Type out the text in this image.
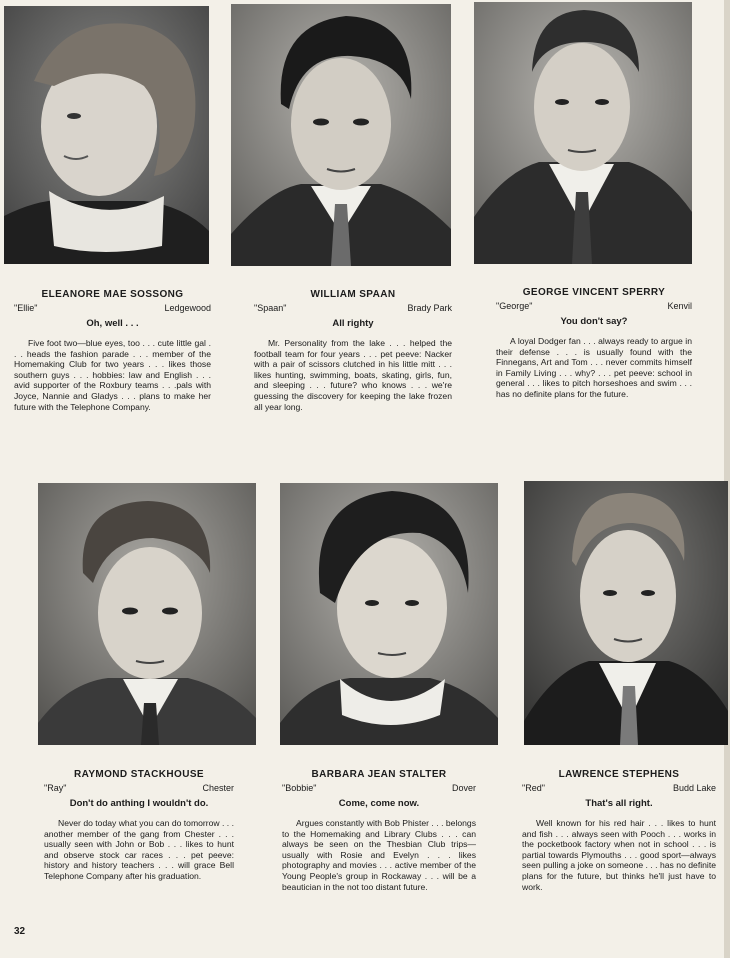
ELEANORE MAE SOSSONG

"Ellie"	Ledgewood
Oh, well . . .
Five foot two—blue eyes, too . . . cute little gal . . . heads the fashion parade . . . member of the Homemaking Club for two years . . . likes those southern guys . . . hobbies: law and English . . . avid supporter of the Roxbury teams . . .pals with Joyce, Nannie and Gladys . . . plans to make her future with the Telephone Company.

WILLIAM SPAAN

"Spaan"	Brady Park
All righty
Mr. Personality from the lake . . . helped the football team for four years . . . pet peeve: Nacker with a pair of scissors clutched in his little mitt . . . likes hunting, swimming, boats, skating, girls, fun, and sleeping . . . future? who knows . . . we're guessing the discovery for keeping the lake frozen all year long.

GEORGE VINCENT SPERRY

"George"	Kenvil
You don't say?
A loyal Dodger fan . . . always ready to argue in their defense . . . is usually found with the Finnegans, Art and Tom . . . never commits himself in Family Living . . . why? . . . pet peeve: school in general . . . likes to pitch horseshoes and swim . . . has no definite plans for the future.

RAYMOND STACKHOUSE

"Ray"	Chester
Don't do anthing I wouldn't do.
Never do today what you can do tomorrow . . . another member of the gang from Chester . . . usually seen with John or Bob . . . likes to hunt and observe stock car races . . . pet peeve: history and history teachers . . . will grace Bell Telephone Company after his graduation.

BARBARA JEAN STALTER

"Bobbie"	Dover
Come, come now.
Argues constantly with Bob Phister . . . belongs to the Homemaking and Library Clubs . . . can always be seen on the Thesbian Club trips—usually with Rosie and Evelyn . . . likes photography and movies . . . active member of the Young People's group in Rockaway . . . will be a beautician in the not too distant future.

LAWRENCE STEPHENS

"Red"	Budd Lake
That's all right.
Well known for his red hair . . . likes to hunt and fish . . . always seen with Pooch . . . works in the pocketbook factory when not in school . . . is partial towards Plymouths . . . good sport—always seen pulling a joke on someone . . . has no definite plans for the future, but thinks he'll just have to work.
32
